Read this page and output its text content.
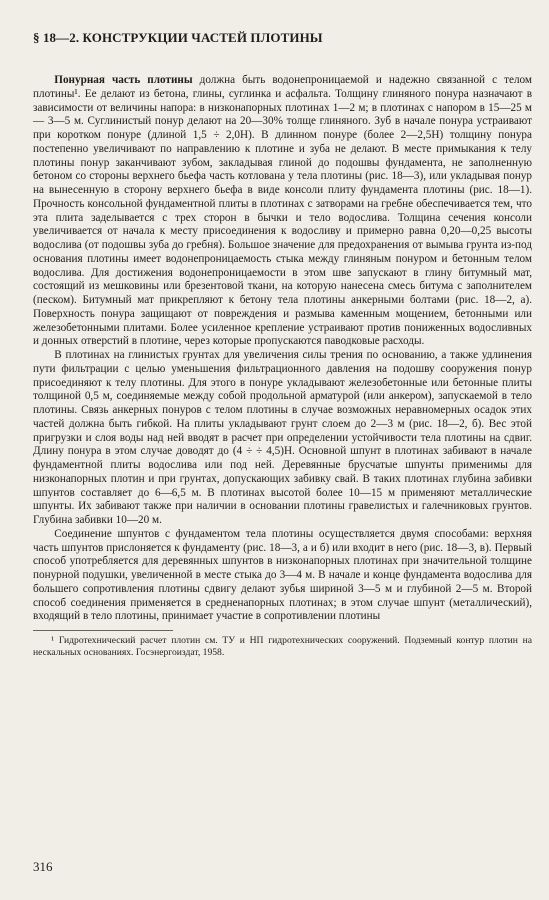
§ 18—2. КОНСТРУКЦИИ ЧАСТЕЙ ПЛОТИНЫ

Понурная часть плотины должна быть водонепроницаемой и надежно связанной с телом плотины¹. Ее делают из бетона, глины, суглинка и асфальта. Толщину глиняного понура назначают в зависимости от величины напора: в низконапорных плотинах 1—2 м; в плотинах с напором в 15—25 м — 3—5 м. Суглинистый понур делают на 20—30% толще глиняного. Зуб в начале понура устраивают при коротком понуре (длиной 1,5 ÷ 2,0H). В длинном понуре (более 2—2,5H) толщину понура постепенно увеличивают по направлению к плотине и зуба не делают. В месте примыкания к телу плотины понур заканчивают зубом, закладывая глиной до подошвы фундамента, не заполненную бетоном со стороны верхнего бьефа часть котлована у тела плотины (рис. 18—3), или укладывая понур на вынесенную в сторону верхнего бьефа в виде консоли плиту фундамента плотины (рис. 18—1). Прочность консольной фундаментной плиты в плотинах с затворами на гребне обеспечивается тем, что эта плита заделывается с трех сторон в бычки и тело водослива. Толщина сечения консоли увеличивается от начала к месту присоединения к водосливу и примерно равна 0,20—0,25 высоты водослива (от подошвы зуба до гребня). Большое значение для предохранения от вымыва грунта из-под основания плотины имеет водонепроницаемость стыка между глиняным понуром и бетонным телом водослива. Для достижения водонепроницаемости в этом шве запускают в глину битумный мат, состоящий из мешковины или брезентовой ткани, на которую нанесена смесь битума с заполнителем (песком). Битумный мат прикрепляют к бетону тела плотины анкерными болтами (рис. 18—2, а). Поверхность понура защищают от повреждения и размыва каменным мощением, бетонными или железобетонными плитами. Более усиленное крепление устраивают против пониженных водосливных и донных отверстий в плотине, через которые пропускаются паводковые расходы.

В плотинах на глинистых грунтах для увеличения силы трения по основанию, а также удлинения пути фильтрации с целью уменьшения фильтрационного давления на подошву сооружения понур присоединяют к телу плотины. Для этого в понуре укладывают железобетонные или бетонные плиты толщиной 0,5 м, соединяемые между собой продольной арматурой (или анкером), запускаемой в тело плотины. Связь анкерных понуров с телом плотины в случае возможных неравномерных осадок этих частей должна быть гибкой. На плиты укладывают грунт слоем до 2—3 м (рис. 18—2, б). Вес этой пригрузки и слоя воды над ней вводят в расчет при определении устойчивости тела плотины на сдвиг. Длину понура в этом случае доводят до (4 ÷ ÷ 4,5)H. Основной шпунт в плотинах забивают в начале фундаментной плиты водослива или под ней. Деревянные брусчатые шпунты применимы для низконапорных плотин и при грунтах, допускающих забивку свай. В таких плотинах глубина забивки шпунтов составляет до 6—6,5 м. В плотинах высотой более 10—15 м применяют металлические шпунты. Их забивают также при наличии в основании плотины гравелистых и галечниковых грунтов. Глубина забивки 10—20 м.

Соединение шпунтов с фундаментом тела плотины осуществляется двумя способами: верхняя часть шпунтов прислоняется к фундаменту (рис. 18—3, а и б) или входит в него (рис. 18—3, в). Первый способ употребляется для деревянных шпунтов в низконапорных плотинах при значительной толщине понурной подушки, увеличенной в месте стыка до 3—4 м. В начале и конце фундамента водослива для большего сопротивления плотины сдвигу делают зубья шириной 3—5 м и глубиной 2—5 м. Второй способ соединения применяется в средненапорных плотинах; в этом случае шпунт (металлический), входящий в тело плотины, принимает участие в сопротивлении плотины

¹ Гидротехнический расчет плотин см. ТУ и НП гидротехнических сооружений. Подземный контур плотин на нескальных основаниях. Госэнергоиздат, 1958.

316
